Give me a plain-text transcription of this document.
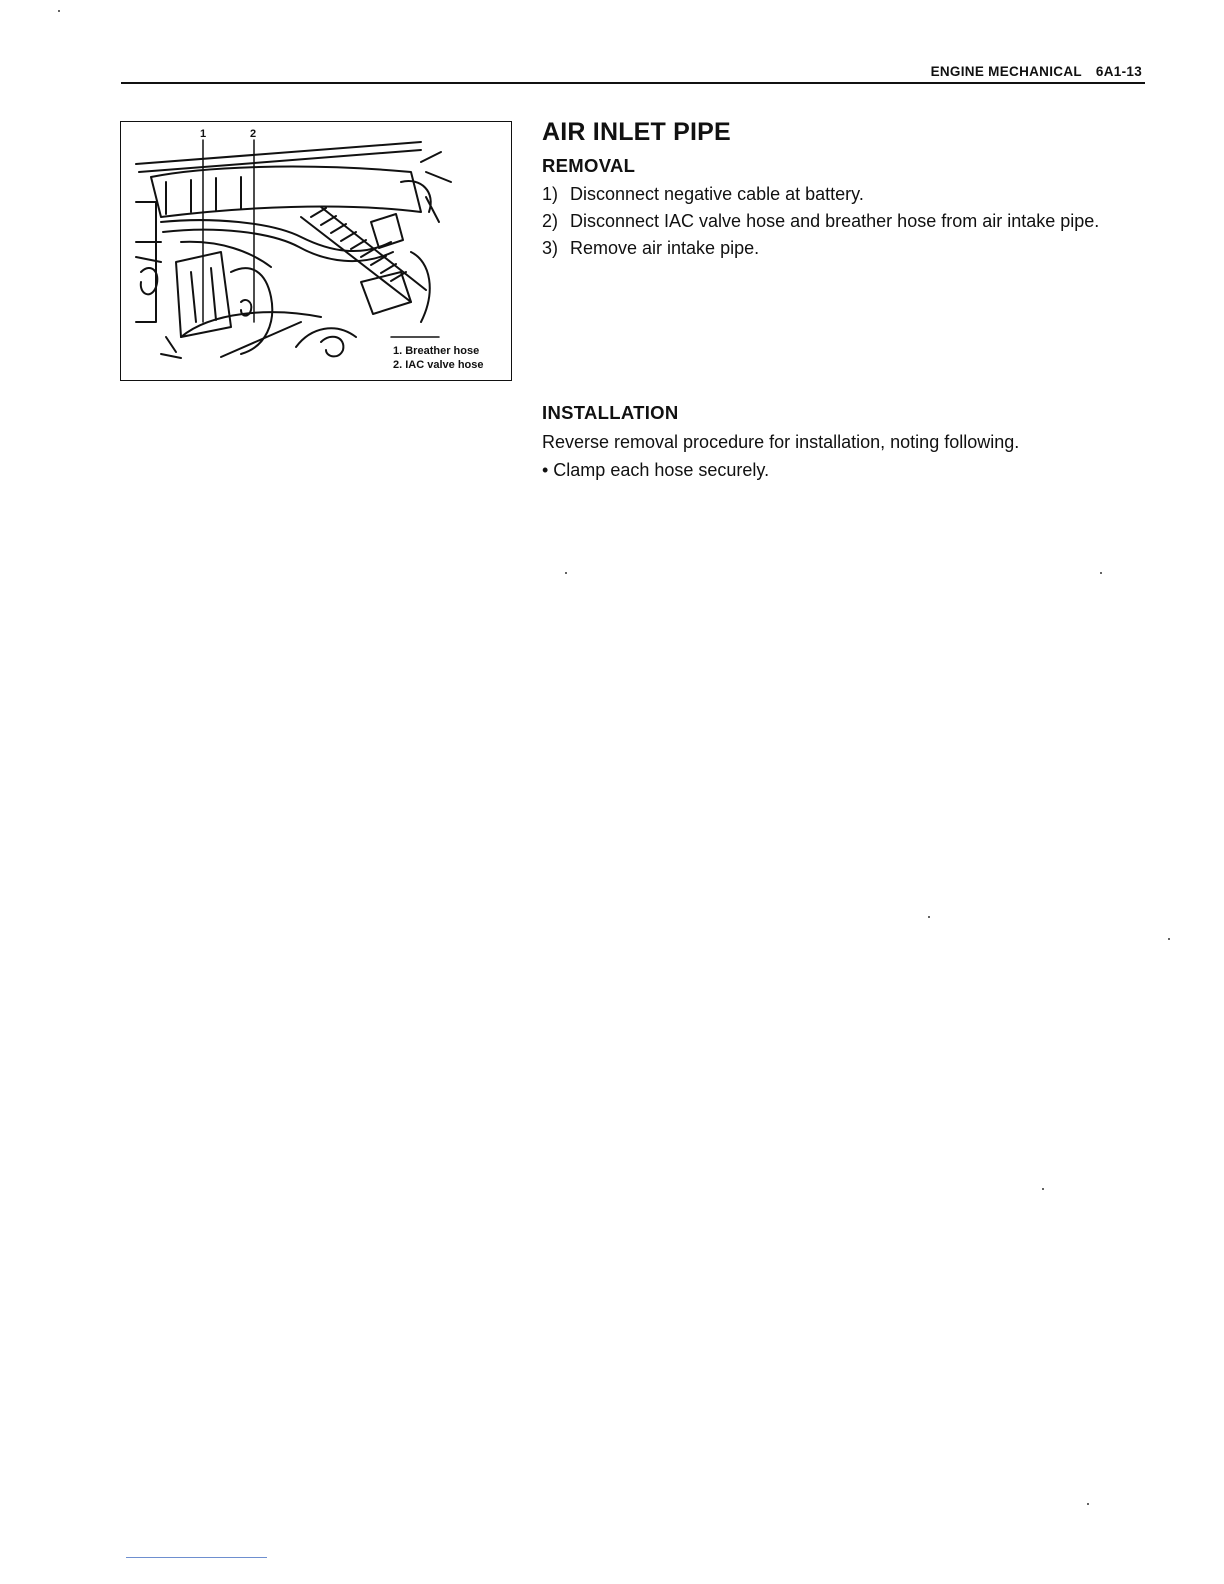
ENGINE MECHANICAL 6A1-13
1	2
1. Breather hose
2. IAC valve hose
AIR INLET PIPE
REMOVAL
1) Disconnect negative cable at battery.
2) Disconnect IAC valve hose and breather hose from air intake pipe.
3) Remove air intake pipe.
INSTALLATION
Reverse removal procedure for installation, noting following.
• Clamp each hose securely.
